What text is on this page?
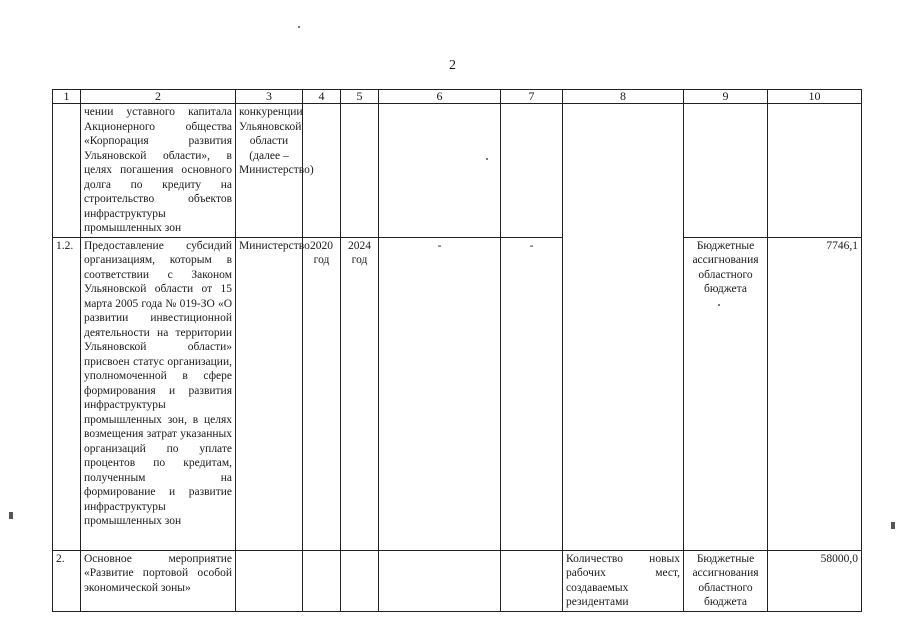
2
1	2	3	4	5	6	7	8	9	10
	чении уставного капитала Акционерного общества «Корпорация развития Ульяновской области», в целях погашения основного долга по кредиту на строительство объектов инфраструктуры промышленных зон	конкуренции Ульяновской области (далее – Министерство)							
1.2.	Предоставление субсидий организациям, которым в соответствии с Законом Ульяновской области от 15 марта 2005 года № 019-ЗО «О развитии инвестиционной деятельности на территории Ульяновской области» присвоен статус организации, уполномоченной в сфере формирования и развития инфраструктуры промышленных зон, в целях возмещения затрат указанных организаций по уплате процентов по кредитам, полученным на формирование и развитие инфраструктуры промышленных зон	Министерство	2020 год	2024 год	-	-		Бюджетные ассигнования областного бюджета	7746,1
2.	Основное мероприятие «Развитие портовой особой экономической зоны»						Количество новых рабочих мест, создаваемых резидентами	Бюджетные ассигнования областного бюджета	58000,0
